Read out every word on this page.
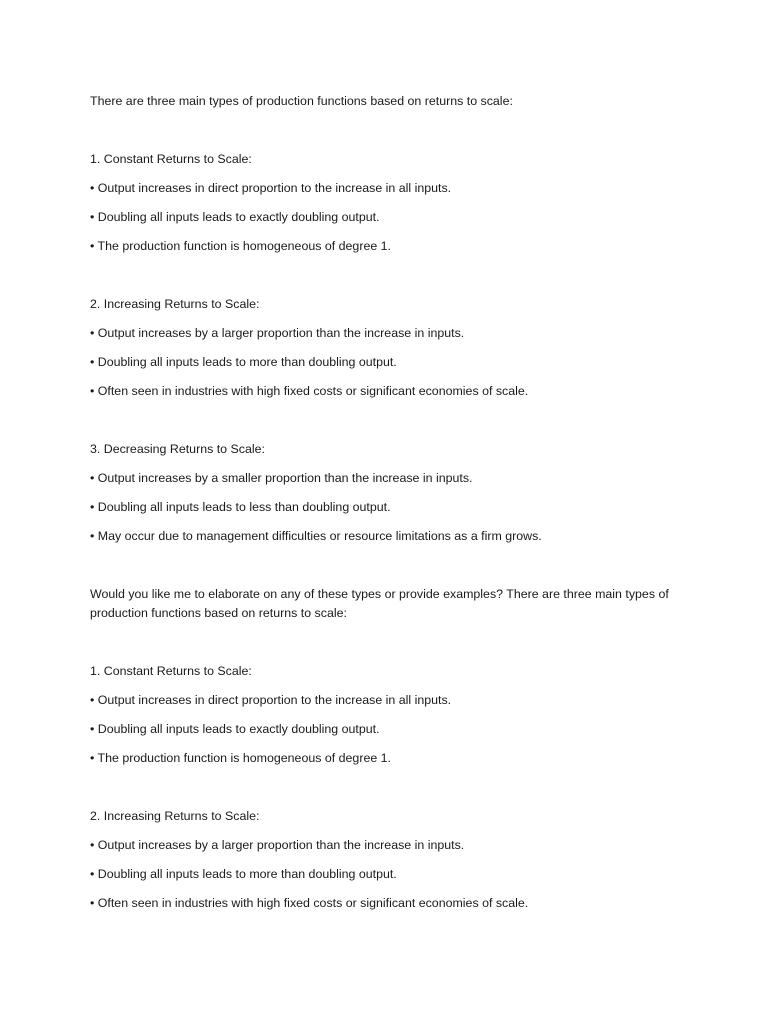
There are three main types of production functions based on returns to scale:

1. Constant Returns to Scale:

• Output increases in direct proportion to the increase in all inputs.

• Doubling all inputs leads to exactly doubling output.

• The production function is homogeneous of degree 1.

2. Increasing Returns to Scale:

• Output increases by a larger proportion than the increase in inputs.

• Doubling all inputs leads to more than doubling output.

• Often seen in industries with high fixed costs or significant economies of scale.

3. Decreasing Returns to Scale:

• Output increases by a smaller proportion than the increase in inputs.

• Doubling all inputs leads to less than doubling output.

• May occur due to management difficulties or resource limitations as a firm grows.

Would you like me to elaborate on any of these types or provide examples? There are three main types of production functions based on returns to scale:

1. Constant Returns to Scale:

• Output increases in direct proportion to the increase in all inputs.

• Doubling all inputs leads to exactly doubling output.

• The production function is homogeneous of degree 1.

2. Increasing Returns to Scale:

• Output increases by a larger proportion than the increase in inputs.

• Doubling all inputs leads to more than doubling output.

• Often seen in industries with high fixed costs or significant economies of scale.
